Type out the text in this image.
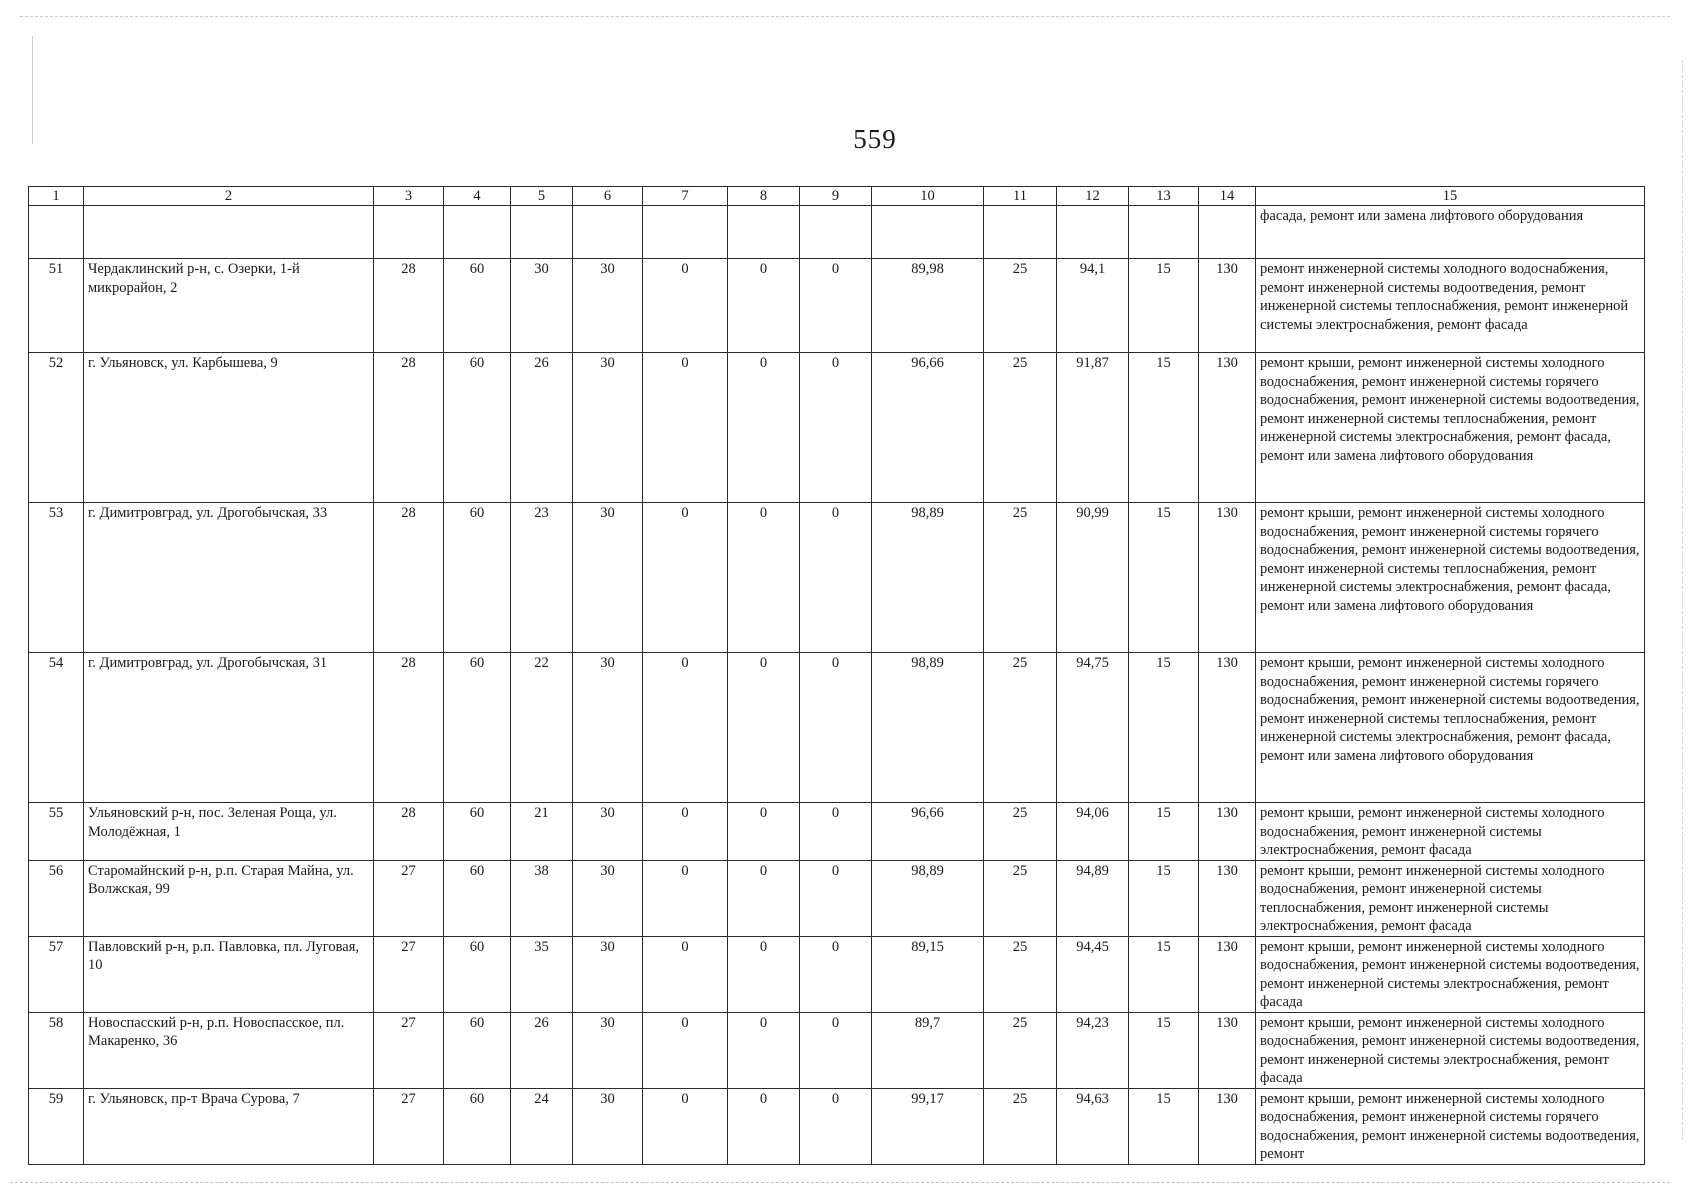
559
1	2	3	4	5	6	7	8	9	10	11	12	13	14	15
														фасада, ремонт или замена лифтового оборудования
51	Чердаклинский р-н, с. Озерки, 1-й микрорайон, 2	28	60	30	30	0	0	0	89,98	25	94,1	15	130	ремонт инженерной системы холодного водоснабжения, ремонт инженерной системы водоотведения, ремонт инженерной системы теплоснабжения, ремонт инженерной системы электроснабжения, ремонт фасада
52	г. Ульяновск, ул. Карбышева, 9	28	60	26	30	0	0	0	96,66	25	91,87	15	130	ремонт крыши, ремонт инженерной системы холодного водоснабжения, ремонт инженерной системы горячего водоснабжения, ремонт инженерной системы водоотведения, ремонт инженерной системы теплоснабжения, ремонт инженерной системы электроснабжения, ремонт фасада, ремонт или замена лифтового оборудования
53	г. Димитровград, ул. Дрогобычская, 33	28	60	23	30	0	0	0	98,89	25	90,99	15	130	ремонт крыши, ремонт инженерной системы холодного водоснабжения, ремонт инженерной системы горячего водоснабжения, ремонт инженерной системы водоотведения, ремонт инженерной системы теплоснабжения, ремонт инженерной системы электроснабжения, ремонт фасада, ремонт или замена лифтового оборудования
54	г. Димитровград, ул. Дрогобычская, 31	28	60	22	30	0	0	0	98,89	25	94,75	15	130	ремонт крыши, ремонт инженерной системы холодного водоснабжения, ремонт инженерной системы горячего водоснабжения, ремонт инженерной системы водоотведения, ремонт инженерной системы теплоснабжения, ремонт инженерной системы электроснабжения, ремонт фасада, ремонт или замена лифтового оборудования
55	Ульяновский р-н, пос. Зеленая Роща, ул. Молодёжная, 1	28	60	21	30	0	0	0	96,66	25	94,06	15	130	ремонт крыши, ремонт инженерной системы холодного водоснабжения, ремонт инженерной системы электроснабжения, ремонт фасада
56	Старомайнский р-н, р.п. Старая Майна, ул. Волжская, 99	27	60	38	30	0	0	0	98,89	25	94,89	15	130	ремонт крыши, ремонт инженерной системы холодного водоснабжения, ремонт инженерной системы теплоснабжения, ремонт инженерной системы электроснабжения, ремонт фасада
57	Павловский р-н, р.п. Павловка, пл. Луговая, 10	27	60	35	30	0	0	0	89,15	25	94,45	15	130	ремонт крыши, ремонт инженерной системы холодного водоснабжения, ремонт инженерной системы водоотведения, ремонт инженерной системы электроснабжения, ремонт фасада
58	Новоспасский р-н, р.п. Новоспасское, пл. Макаренко, 36	27	60	26	30	0	0	0	89,7	25	94,23	15	130	ремонт крыши, ремонт инженерной системы холодного водоснабжения, ремонт инженерной системы водоотведения, ремонт инженерной системы электроснабжения, ремонт фасада
59	г. Ульяновск, пр-т Врача Сурова, 7	27	60	24	30	0	0	0	99,17	25	94,63	15	130	ремонт крыши, ремонт инженерной системы холодного водоснабжения, ремонт инженерной системы горячего водоснабжения, ремонт инженерной системы водоотведения, ремонт
